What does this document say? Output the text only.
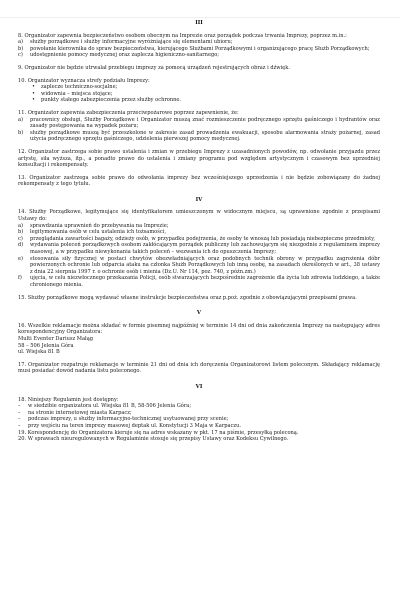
III

8. Organizator zapewnia bezpieczeństwo osobom obecnym na Imprezie oraz porządek podczas trwania Imprezy, poprzez m.in.:

a)	służby porządkowe i służby informacyjne wyróżniające się elementami ubioru;
b)	powołanie kierownika do spraw bezpieczeństwa, kierującego Służbami Porządkowymi i organizującego pracę Służb Porządkowych;
c)	udostępnienie pomocy medycznej oraz zaplecza higieniczno-sanitarnego;

9. Organizator nie będzie utrwalał przebiegu imprezy za pomocą urządzeń rejestrujących obraz i dźwięk.

10. Organizator wyznacza strefy podziału Imprezy:

•	zaplecze techniczno-socjalne;
•	widownia – miejsca stojące;
•	punkty stałego zabezpieczenia przez służby ochronne.

11. Organizator zapewnia zabezpieczenia przeciwpożarowe poprzez zapewnienie, że:

a)	pracownicy obsługi, Służby Porządkowe i Organizator muszą znać rozmieszczenie podręcznego sprzętu gaśniczego i hydrantów oraz zasady postępowania na wypadek pożaru;
b)	służby porządkowe muszą być przeszkolone w zakresie zasad prowadzenia ewakuacji, sposobu alarmowania straży pożarnej, zasad użycia podręcznego sprzętu gaśniczego, udzielenia pierwszej pomocy medycznej.

12. Organizator zastrzega sobie prawo ustalenia i zmian w przebiegu Imprezy z uzasadnionych powodów, np. odwołanie przyjazdu przez artystę, siła wyższa, itp., a ponadto prawo do ustalenia i zmiany programu pod względem artystycznym i czasowym bez uprzedniej konsultacji i rekompensaty.

13. Organizator zastrzega sobie prawo do odwołania imprezy bez wcześniejszego uprzedzenia i nie będzie zobowiązany do żadnej rekompensaty z tego tytułu.

IV

14. Służby Porządkowe, legitymujące się identyfikatorem umieszczonym w widocznym miejscu, są uprawnione zgodnie z przepisami Ustawy do:

a)	sprawdzania uprawnień do przebywania na Imprezie;
b)	legitymowania osób w celu ustalenia ich tożsamości,
c)	przeglądania zawartości bagaży, odzieży osób, w przypadku podejrzenia, że osoby te wnoszą lub posiadają niebezpieczne przedmioty,
d)	wydawania poleceń porządkowych osobom zakłócającym porządek publiczny lub zachowującym się niezgodnie z regulaminem imprezy masowej, a w przypadku niewykonania takich poleceń – wezwania ich do opuszczenia Imprezy;
e)	stosowania siły fizycznej w postaci chwytów obezwładniających oraz podobnych technik obrony w przypadku zagrożenia dóbr powierzonych ochronie lub odparcia ataku na członka Służb Porządkowych lub inną osobę, na zasadach określonych w art., 38 ustawy z dnia 22 sierpnia 1997 r. o ochronie osób i mienia (Dz.U. Nr 114, poz. 740, z późn.zm.)
f)	ujęcia, w celu niezwłocznego przekazania Policji, osób stwarzających bezpośrednie zagrożenie dla życia lub zdrowia ludzkiego, a także chronionego mienia.

15. Służby porządkowe mogą wydawać własne instrukcje bezpieczeństwa oraz p.poż. zgodnie z obowiązującymi przepisami prawa.

V

16. Wszelkie reklamacje można składać w formie pisemnej najpóźniej w terminie 14 dni od dnia zakończenia Imprezy na następujący adres korespondencyjny Organizatora:

Multi Eventer Dariusz Małąg

58 – 506 Jelenia Góra

ul. Wiejska 81 B

17. Organizator rozpatruje reklamacje w terminie 21 dni od dnia ich doręczenia Organizatorowi listem poleconym. Składający reklamację musi posiadać dowód nadania listu poleconego.

VI

18. Niniejszy Regulamin jest dostępny:

–	w siedzibie organizatora ul. Wiejska 81 B, 58-506 Jelenia Góra;
–	na stronie internetowej miasta Karpacz;
–	podczas imprezy, u służby informacyjno-technicznej usytuowanej przy scenie;
–	przy wejściu na teren imprezy masowej deptak ul. Konstytucji 3 Maja w Karpaczu.

19. Korespondencję do Organizatora kieruje się na adres wskazany w pkt. 17 na piśmie, przesyłką poleconą.

20. W sprawach nieuregulowanych w Regulaminie stosuje się przepisy Ustawy oraz Kodeksu Cywilnego.
